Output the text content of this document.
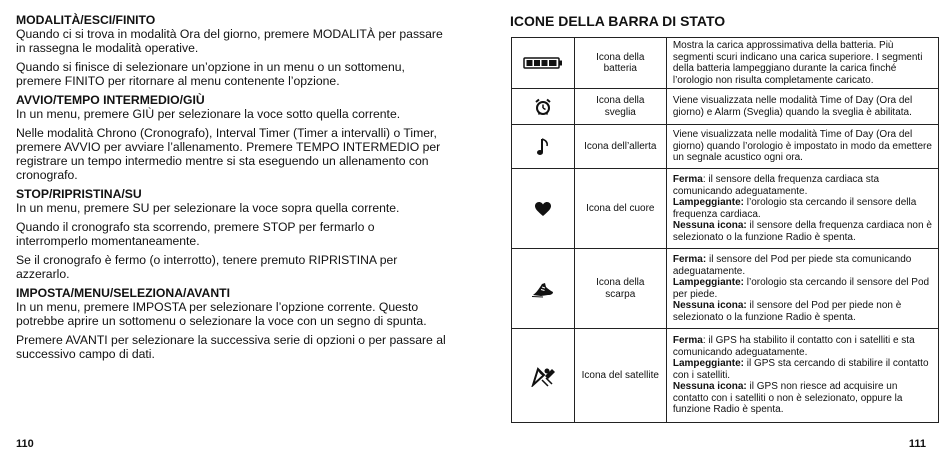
MODALITÀ/ESCI/FINITO

Quando ci si trova in modalità Ora del giorno, premere MODALITÀ per passare in rassegna le modalità operative.

Quando si finisce di selezionare un’opzione in un menu o un sottomenu, premere FINITO per ritornare al menu contenente l’opzione.

AVVIO/TEMPO INTERMEDIO/GIÙ

In un menu, premere GIÙ per selezionare la voce sotto quella corrente.

Nelle modalità Chrono (Cronografo), Interval Timer (Timer a intervalli) o Timer, premere AVVIO per avviare l’allenamento. Premere TEMPO INTERMEDIO per registrare un tempo intermedio mentre si sta eseguendo un allenamento con cronografo.

STOP/RIPRISTINA/SU

In un menu, premere SU per selezionare la voce sopra quella corrente.

Quando il cronografo sta scorrendo, premere STOP per fermarlo o interromperlo momentaneamente.

Se il cronografo è fermo (o interrotto), tenere premuto RIPRISTINA per azzerarlo.

IMPOSTA/MENU/SELEZIONA/AVANTI

In un menu, premere IMPOSTA per selezionare l’opzione corrente. Questo potrebbe aprire un sottomenu o selezionare la voce con un segno di spunta.

Premere AVANTI per selezionare la successiva serie di opzioni o per passare al successivo campo di dati.

110
ICONE DELLA BARRA DI STATO
	Icona della batteria	Mostra la carica approssimativa della batteria. Più segmenti scuri indicano una carica superiore. I segmenti della batteria lampeggiano durante la carica finché l’orologio non risulta completamente caricato.
	Icona della sveglia	Viene visualizzata nelle modalità Time of Day (Ora del giorno) e Alarm (Sveglia) quando la sveglia è abilitata.
	Icona dell’allerta	Viene visualizzata nelle modalità Time of Day (Ora del giorno) quando l’orologio è impostato in modo da emettere un segnale acustico ogni ora.
	Icona del cuore	Ferma: il sensore della frequenza cardiaca sta comunicando adeguatamente.
Lampeggiante: l’orologio sta cercando il sensore della frequenza cardiaca.
Nessuna icona: il sensore della frequenza cardiaca non è selezionato o la funzione Radio è spenta.
	Icona della scarpa	Ferma: il sensore del Pod per piede sta comunicando adeguatamente.
Lampeggiante: l’orologio sta cercando il sensore del Pod per piede.
Nessuna icona: il sensore del Pod per piede non è selezionato o la funzione Radio è spenta.
	Icona del satellite	Ferma: il GPS ha stabilito il contatto con i satelliti e sta comunicando adeguatamente.
Lampeggiante: il GPS sta cercando di stabilire il contatto con i satelliti.
Nessuna icona: il GPS non riesce ad acquisire un contatto con i satelliti o non è selezionato, oppure la funzione Radio è spenta.
111
